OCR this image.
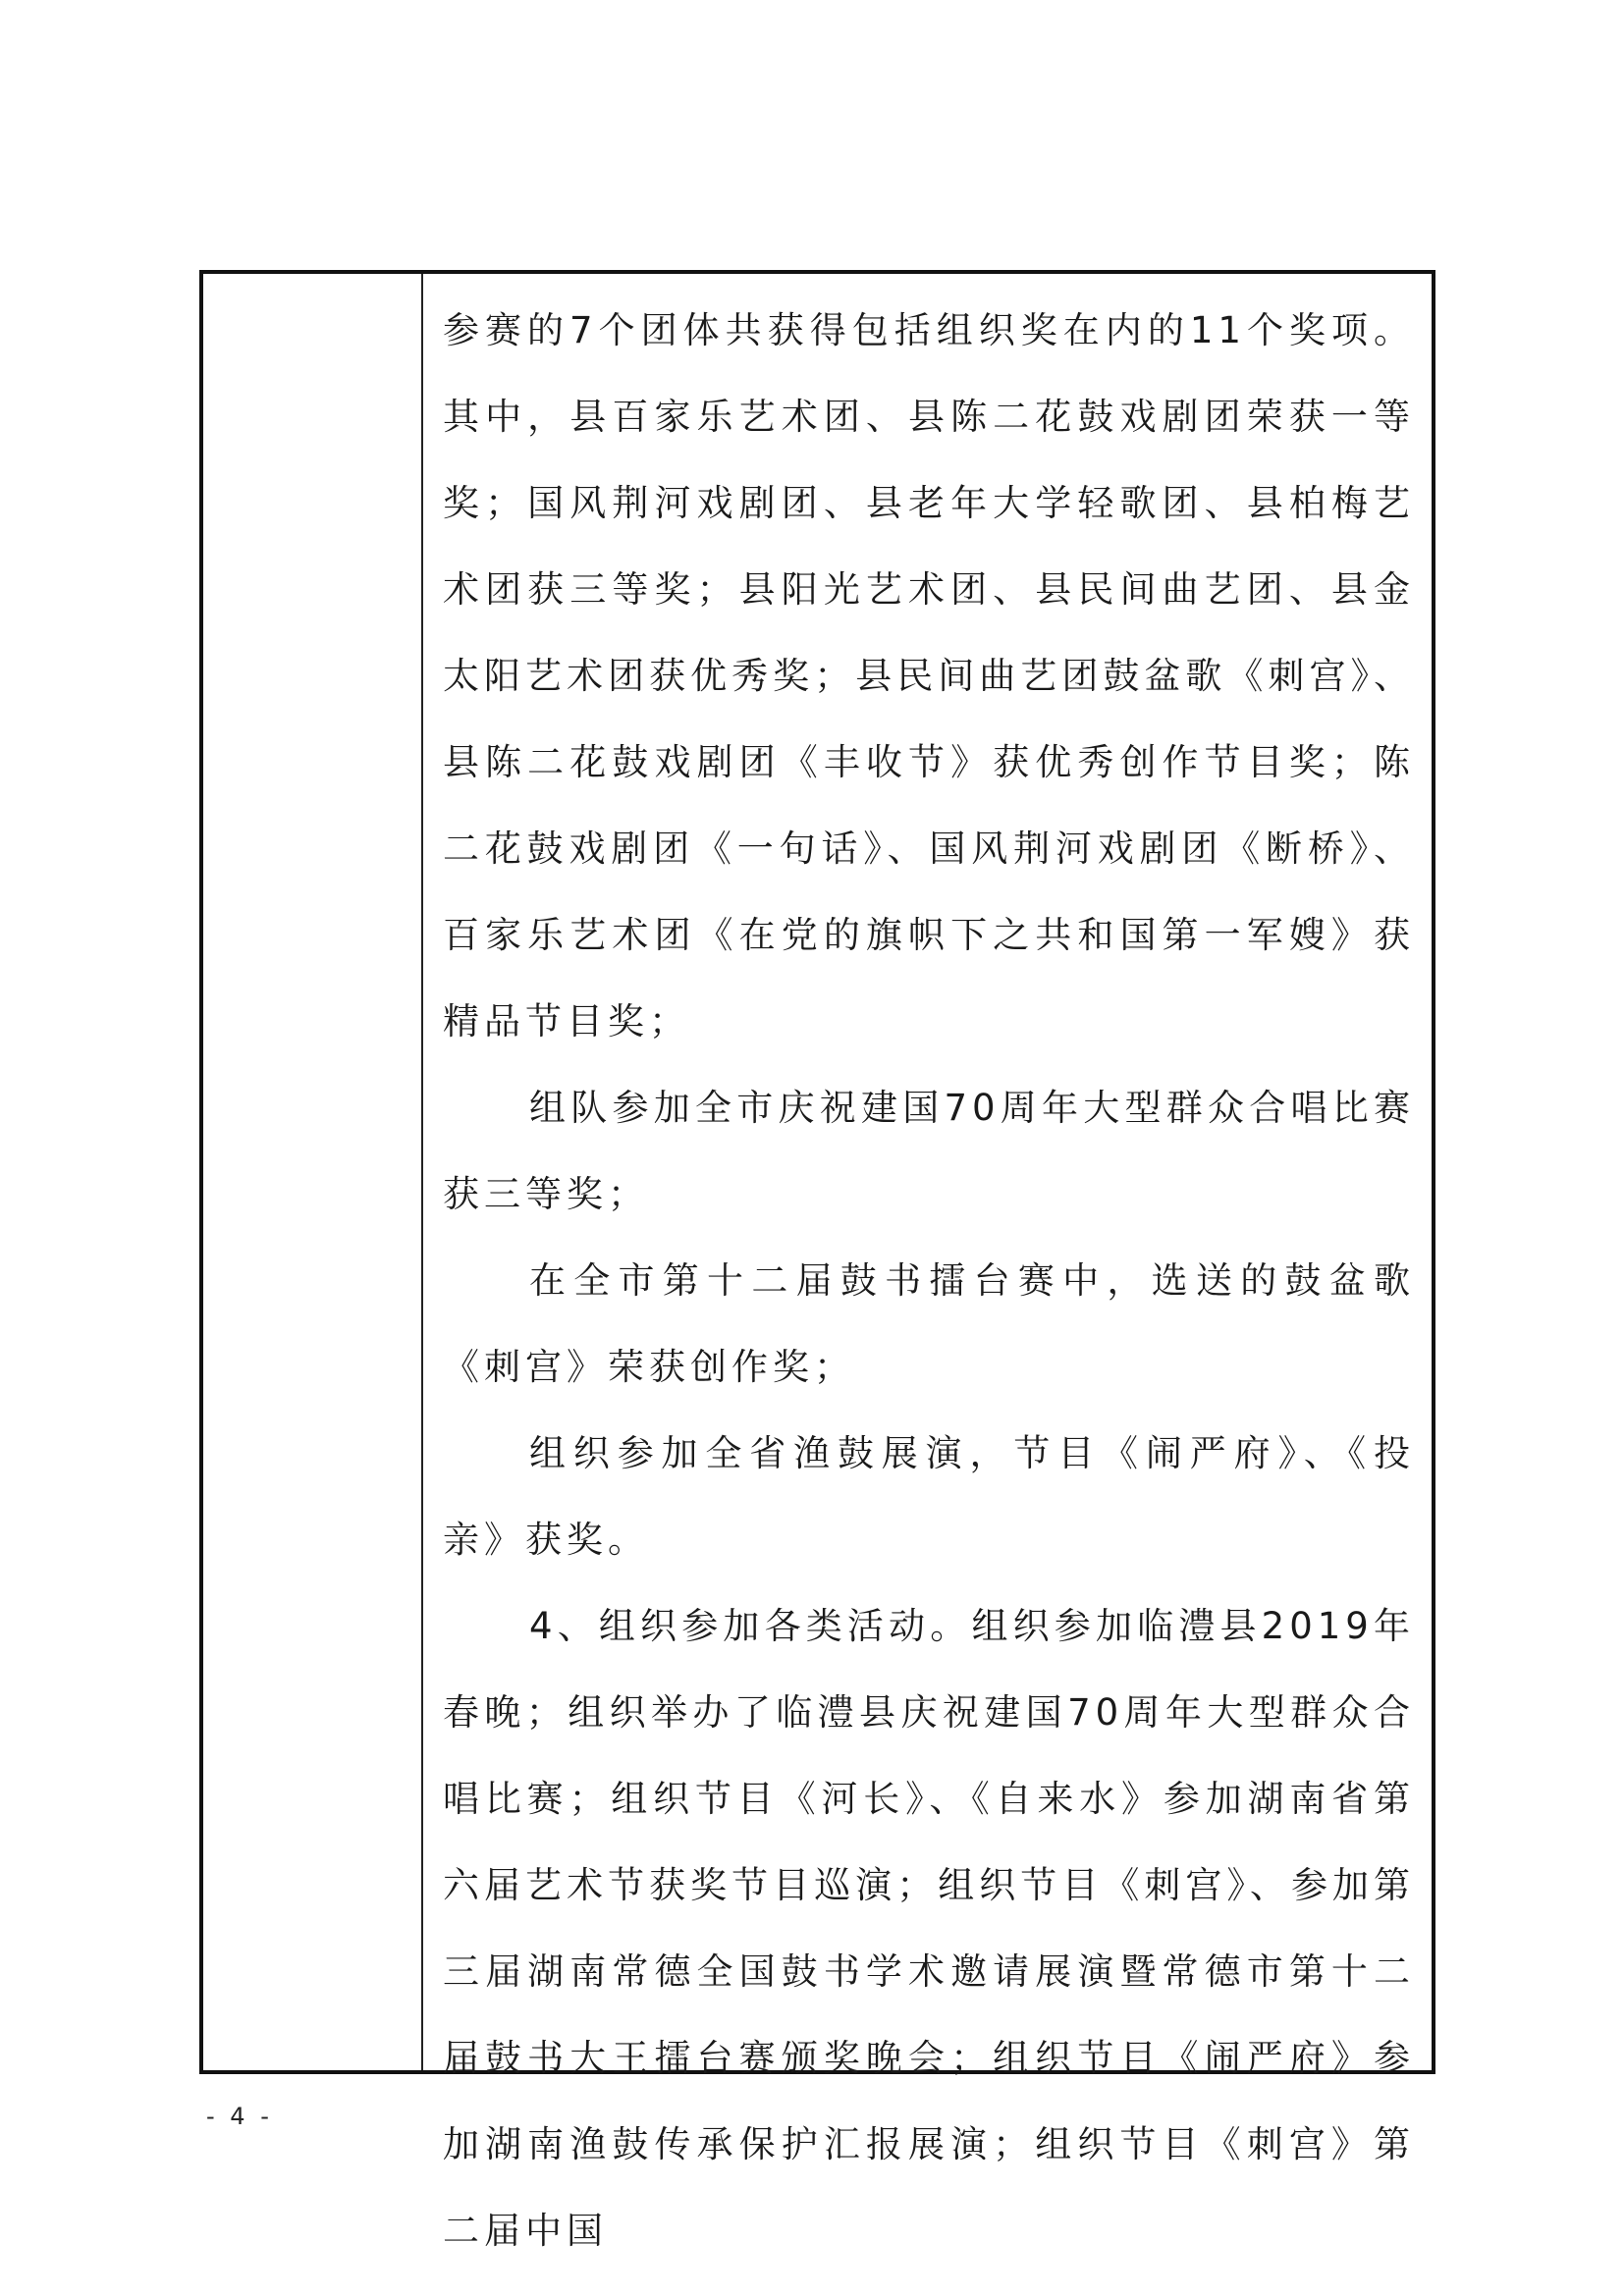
参赛的7个团体共获得包括组织奖在内的11个奖项。其中，县百家乐艺术团、县陈二花鼓戏剧团荣获一等奖；国风荆河戏剧团、县老年大学轻歌团、县柏梅艺术团获三等奖；县阳光艺术团、县民间曲艺团、县金太阳艺术团获优秀奖；县民间曲艺团鼓盆歌《刺宫》、县陈二花鼓戏剧团《丰收节》获优秀创作节目奖；陈二花鼓戏剧团《一句话》、国风荆河戏剧团《断桥》、百家乐艺术团《在党的旗帜下之共和国第一军嫂》获精品节目奖；

组队参加全市庆祝建国70周年大型群众合唱比赛获三等奖；

在全市第十二届鼓书擂台赛中，选送的鼓盆歌《刺宫》荣获创作奖；

组织参加全省渔鼓展演，节目《闹严府》、《投亲》获奖。

4、组织参加各类活动。组织参加临澧县2019年春晚；组织举办了临澧县庆祝建国70周年大型群众合唱比赛；组织节目《河长》、《自来水》参加湖南省第六届艺术节获奖节目巡演；组织节目《刺宫》、参加第三届湖南常德全国鼓书学术邀请展演暨常德市第十二届鼓书大王擂台赛颁奖晚会；组织节目《闹严府》参加湖南渔鼓传承保护汇报展演；组织节目《刺宫》第二届中国

- 4 -
